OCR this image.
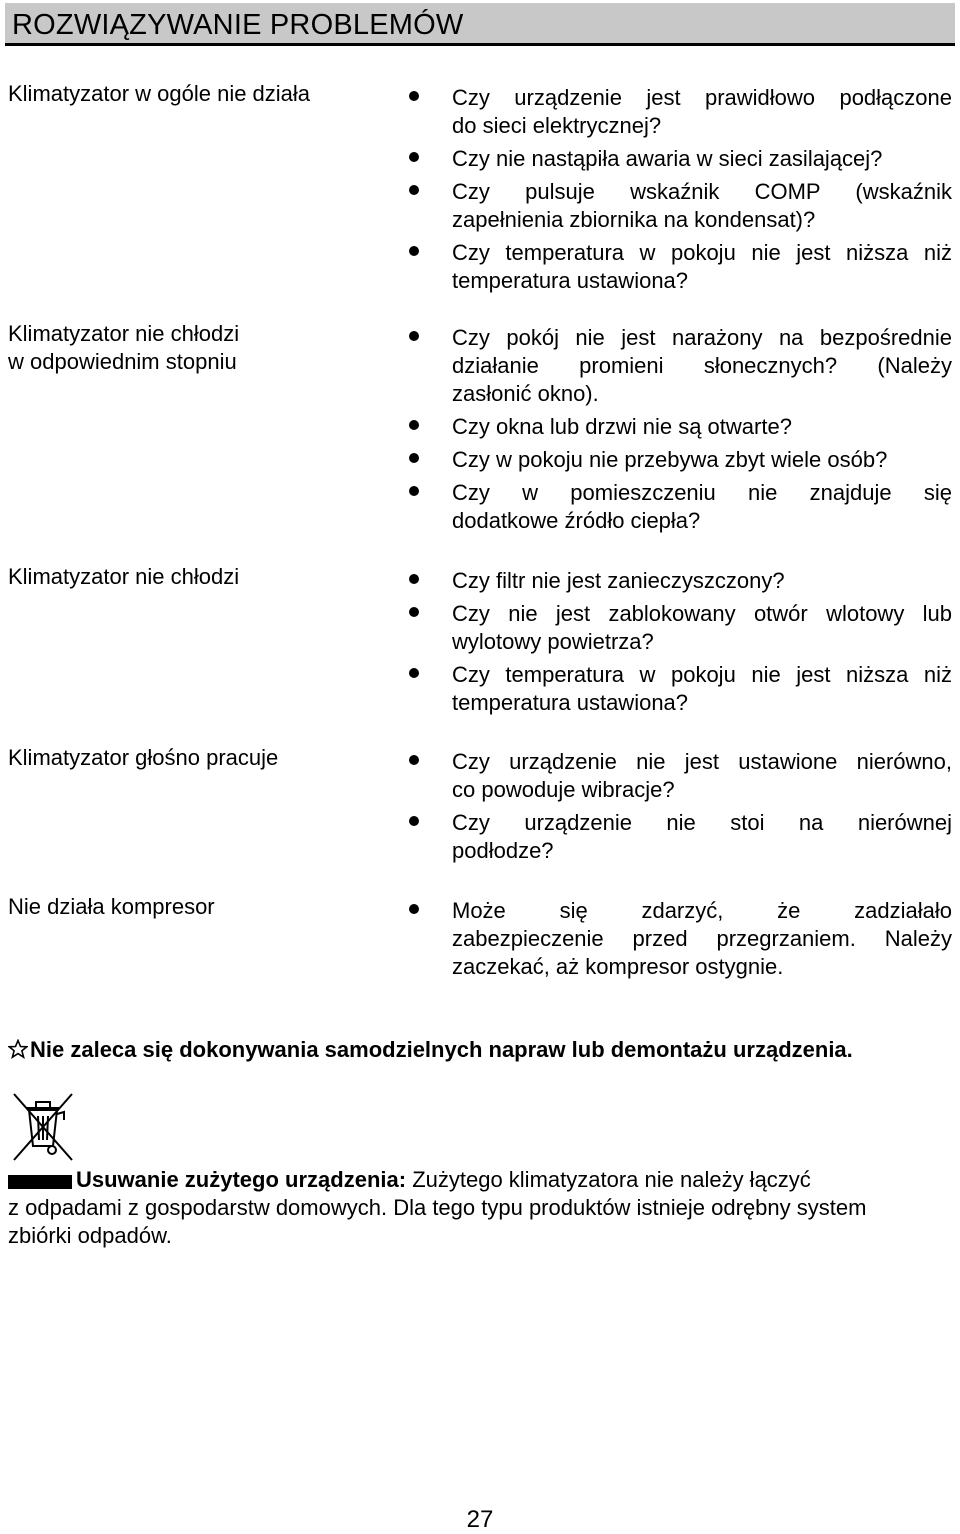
ROZWIĄZYWANIE PROBLEMÓW
Klimatyzator w ogóle nie działa	Czy urządzenie jest prawidłowo podłączone
do sieci elektrycznej?
Czy nie nastąpiła awaria w sieci zasilającej?
Czy pulsuje wskaźnik COMP (wskaźnik
zapełnienia zbiornika na kondensat)?
Czy temperatura w pokoju nie jest niższa niż
temperatura ustawiona?
Klimatyzator nie chłodzi
w odpowiednim stopniu
Czy pokój nie jest narażony na bezpośrednie
działanie promieni słonecznych? (Należy
zasłonić okno).
Czy okna lub drzwi nie są otwarte?
Czy w pokoju nie przebywa zbyt wiele osób?
Czy w pomieszczeniu nie znajduje się
dodatkowe źródło ciepła?
Klimatyzator nie chłodzi	Czy filtr nie jest zanieczyszczony?
Czy nie jest zablokowany otwór wlotowy lub
wylotowy powietrza?
Czy temperatura w pokoju nie jest niższa niż
temperatura ustawiona?
Klimatyzator głośno pracuje	Czy urządzenie nie jest ustawione nierówno,
co powoduje wibracje?
Czy urządzenie nie stoi na nierównej
podłodze?
Nie działa kompresor	Może się zdarzyć, że zadziałało
zabezpieczenie przed przegrzaniem. Należy
zaczekać, aż kompresor ostygnie.
Nie zaleca się dokonywania samodzielnych napraw lub demontażu urządzenia.
Usuwanie zużytego urządzenia: Zużytego klimatyzatora nie należy łączyć
z odpadami z gospodarstw domowych. Dla tego typu produktów istnieje odrębny system
zbiórki odpadów.
27
